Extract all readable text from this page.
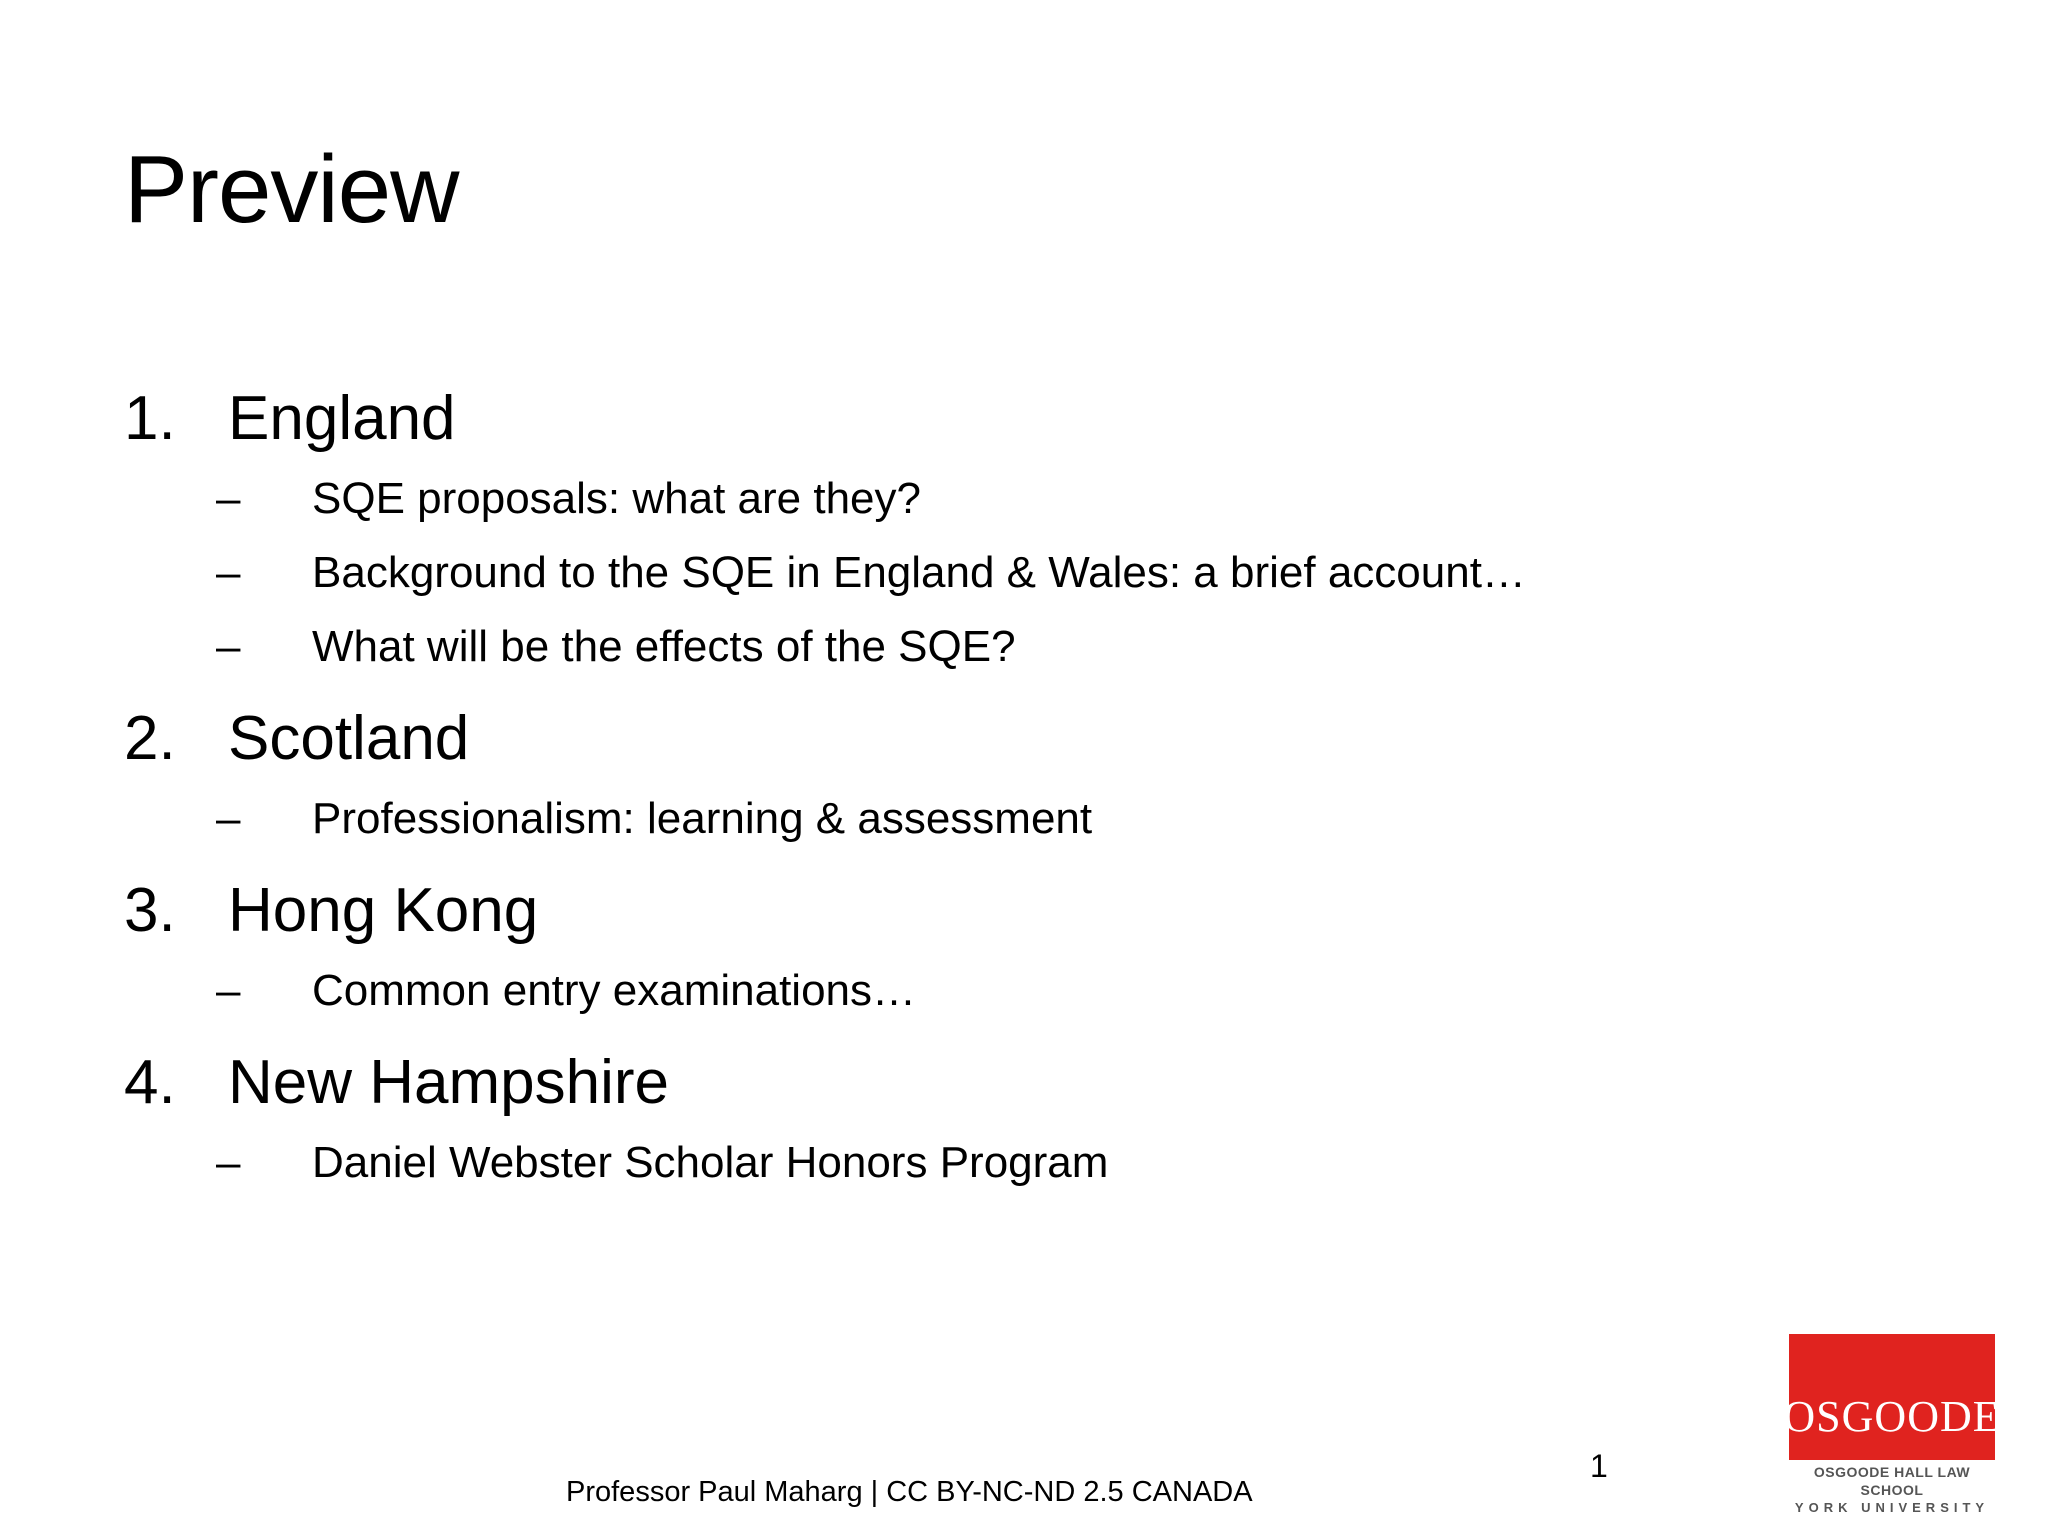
Preview
1. England
–	SQE proposals: what are they?
–	Background to the SQE in England & Wales: a brief account…
–	What will be the effects of the SQE?
2. Scotland
–	Professionalism: learning & assessment
3. Hong Kong
–	Common entry examinations…
4. New Hampshire
–	Daniel Webster Scholar Honors Program
Professor Paul Maharg | CC BY-NC-ND 2.5 CANADA
1
OSGOODE
OSGOODE HALL LAW SCHOOL
YORK UNIVERSITY
